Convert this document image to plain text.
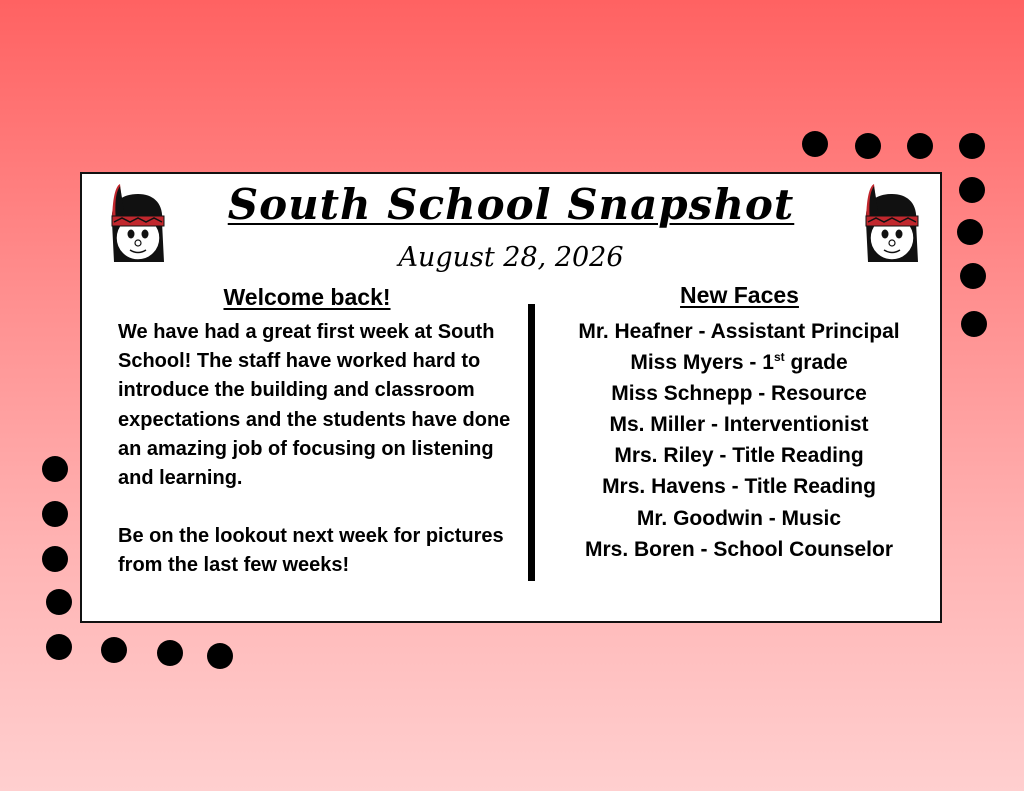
South School Snapshot
August 28, 2026
Welcome back!

We have had a great first week at South School! The staff have worked hard to introduce the building and classroom expectations and the students have done an amazing job of focusing on listening and learning.

Be on the lookout next week for pictures from the last few weeks!

New Faces
Mr. Heafner - Assistant Principal
Miss Myers - 1st grade
Miss Schnepp - Resource
Ms. Miller - Interventionist
Mrs. Riley - Title Reading
Mrs. Havens - Title Reading
Mr. Goodwin - Music
Mrs. Boren - School Counselor
